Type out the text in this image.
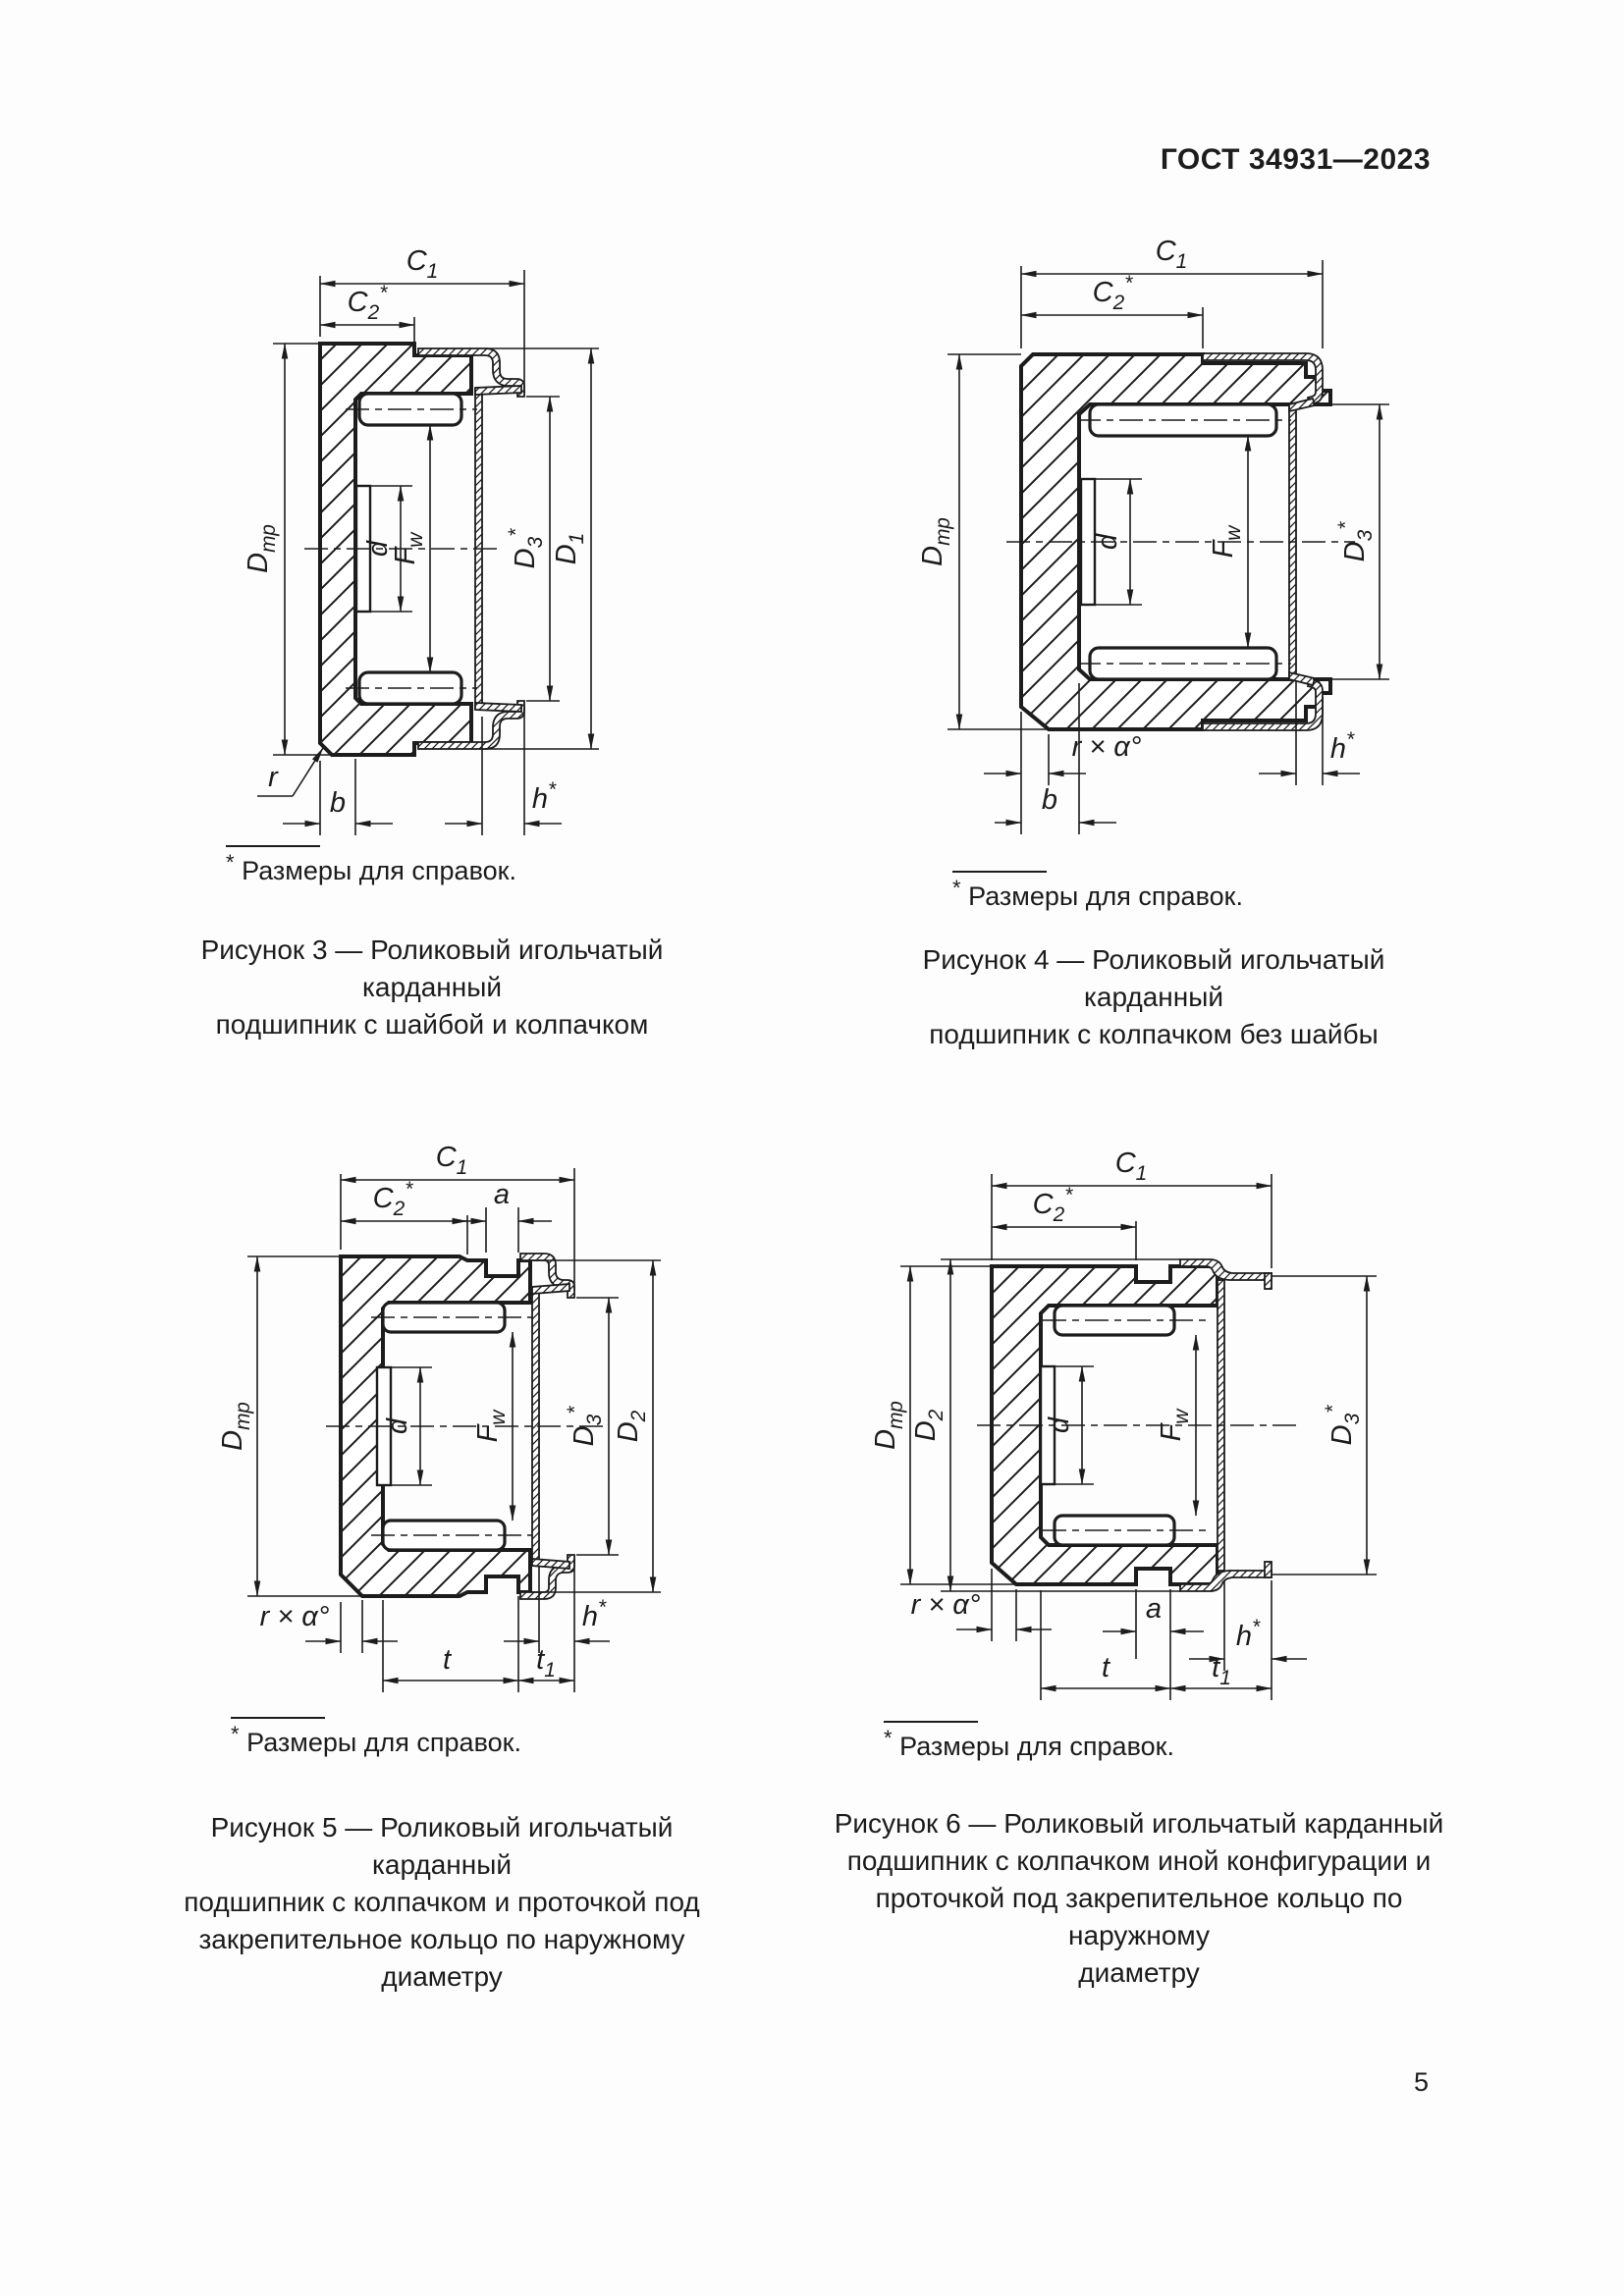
ГОСТ 34931—2023
$C_1$
$C_2^*$
$D_{тр}$	d
$F_w$
$D_3^*$
$D_1$
r
b	h*
* Размеры для справок.
Рисунок 3 — Роликовый игольчатый карданный
подшипник с шайбой и колпачком
$C_1$
$C_2^*$
$D_{тр}$	d	$F_w$
$D_3^*$
h*
r × α°
b
* Размеры для справок.
Рисунок 4 — Роликовый игольчатый карданный
подшипник с колпачком без шайбы
$C_1$
$C_2^*$	a
$D_{тр}$	d $F_w$
$D_3^*$
$D_2$
r × α°	h*
t	$t_1$
* Размеры для справок.
Рисунок 5 — Роликовый игольчатый карданный
подшипник с колпачком и проточкой под
закрепительное кольцо по наружному диаметру
$C_1$
$C_2^*$
$D_{тр}$
$D_2$
d	$F_w$
$D_3^*$
r × α°	a
h*
t	$t_1$
* Размеры для справок.
Рисунок 6 — Роликовый игольчатый карданный
подшипник с колпачком иной конфигурации и
проточкой под закрепительное кольцо по наружному
диаметру
5
